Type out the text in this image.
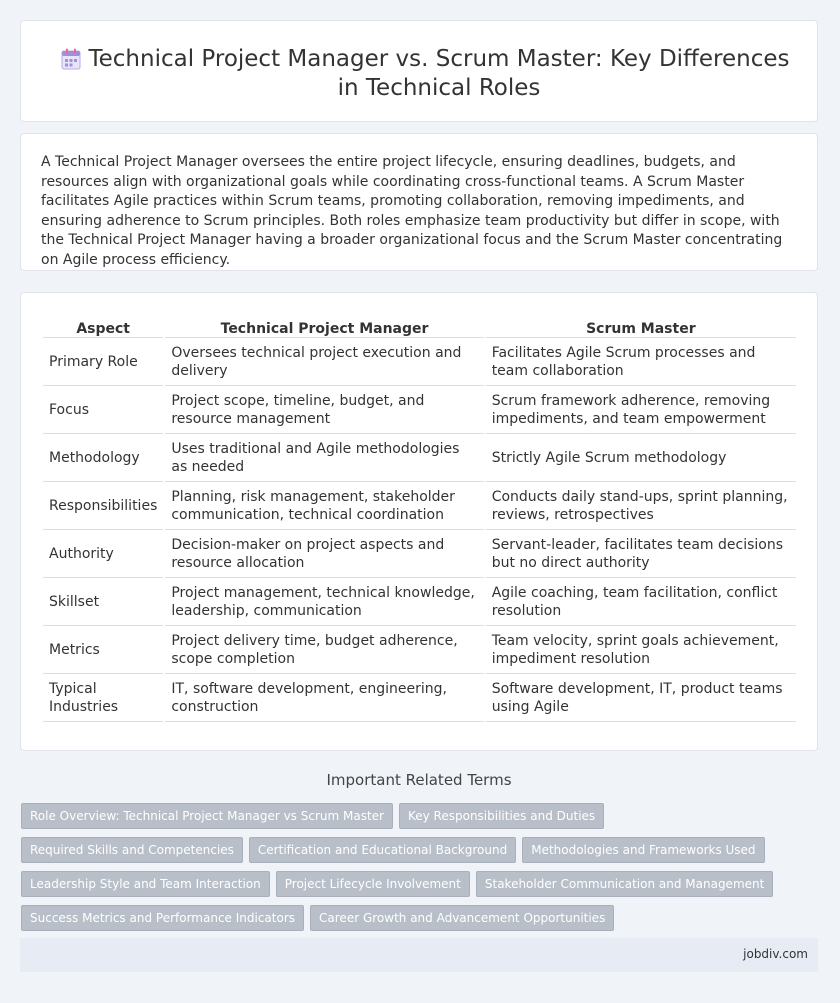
Technical Project Manager vs. Scrum Master: Key Differences in Technical Roles

A Technical Project Manager oversees the entire project lifecycle, ensuring deadlines, budgets, and resources align with organizational goals while coordinating cross-functional teams. A Scrum Master facilitates Agile practices within Scrum teams, promoting collaboration, removing impediments, and ensuring adherence to Scrum principles. Both roles emphasize team productivity but differ in scope, with the Technical Project Manager having a broader organizational focus and the Scrum Master concentrating on Agile process efficiency.

Aspect	Technical Project Manager	Scrum Master
Primary Role	Oversees technical project execution and delivery	Facilitates Agile Scrum processes and team collaboration
Focus	Project scope, timeline, budget, and resource management	Scrum framework adherence, removing impediments, and team empowerment
Methodology	Uses traditional and Agile methodologies as needed	Strictly Agile Scrum methodology
Responsibilities	Planning, risk management, stakeholder communication, technical coordination	Conducts daily stand-ups, sprint planning, reviews, retrospectives
Authority	Decision-maker on project aspects and resource allocation	Servant-leader, facilitates team decisions but no direct authority
Skillset	Project management, technical knowledge, leadership, communication	Agile coaching, team facilitation, conflict resolution
Metrics	Project delivery time, budget adherence, scope completion	Team velocity, sprint goals achievement, impediment resolution
Typical Industries	IT, software development, engineering, construction	Software development, IT, product teams using Agile
Important Related Terms
Role Overview: Technical Project Manager vs Scrum Master	Key Responsibilities and Duties
Required Skills and Competencies	Certification and Educational Background	Methodologies and Frameworks Used
Leadership Style and Team Interaction	Project Lifecycle Involvement	Stakeholder Communication and Management
Success Metrics and Performance Indicators	Career Growth and Advancement Opportunities
jobdiv.com
